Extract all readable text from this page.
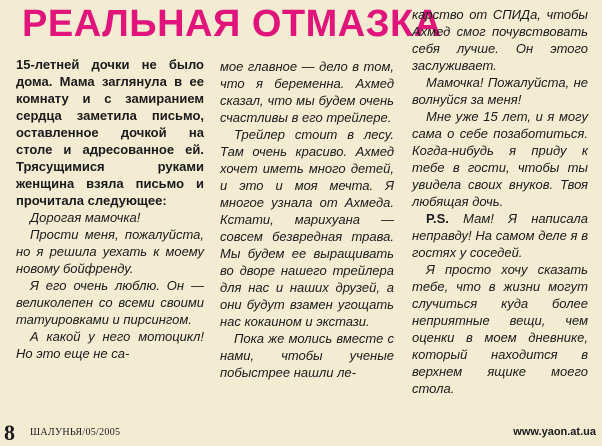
РЕАЛЬНАЯ ОТМАЗКА

15-летней дочки не было дома. Мама заглянула в ее комнату и с замиранием сердца заметила письмо, оставленное дочкой на столе и адресованное ей. Трясущимися руками женщина взяла письмо и прочитала следующее:

Дорогая мамочка!

Прости меня, пожалуйста, но я решила уехать к моему новому бойфренду.

Я его очень люблю. Он — великолепен со всеми своими татуировками и пирсингом.

А какой у него мотоцикл! Но это еще не са-

мое главное — дело в том, что я беременна. Ахмед сказал, что мы будем очень счастливы в его трейлере.

Трейлер стоит в лесу. Там очень красиво. Ахмед хочет иметь много детей, и это и моя мечта. Я многое узнала от Ахмеда. Кстати, марихуана — совсем безвредная трава. Мы будем ее выращивать во дворе нашего трейлера для нас и наших друзей, а они будут взамен угощать нас кокаином и экстази.

Пока же молись вместе с нами, чтобы ученые побыстрее нашли ле-

карство от СПИДа, чтобы Ахмед смог почувствовать себя лучше. Он этого заслуживает.

Мамочка! Пожалуйста, не волнуйся за меня!

Мне уже 15 лет, и я могу сама о себе позаботиться. Когда-нибудь я приду к тебе в гости, чтобы ты увидела своих внуков. Твоя любящая дочь.

P.S. Мам! Я написала неправду! На самом деле я в гостях у соседей.

Я просто хочу сказать тебе, что в жизни могут случиться куда более неприятные вещи, чем оценки в моем дневнике, который находится в верхнем ящике моего стола.

8 ШАЛУНЬЯ/05/2005	www.yaon.at.ua
